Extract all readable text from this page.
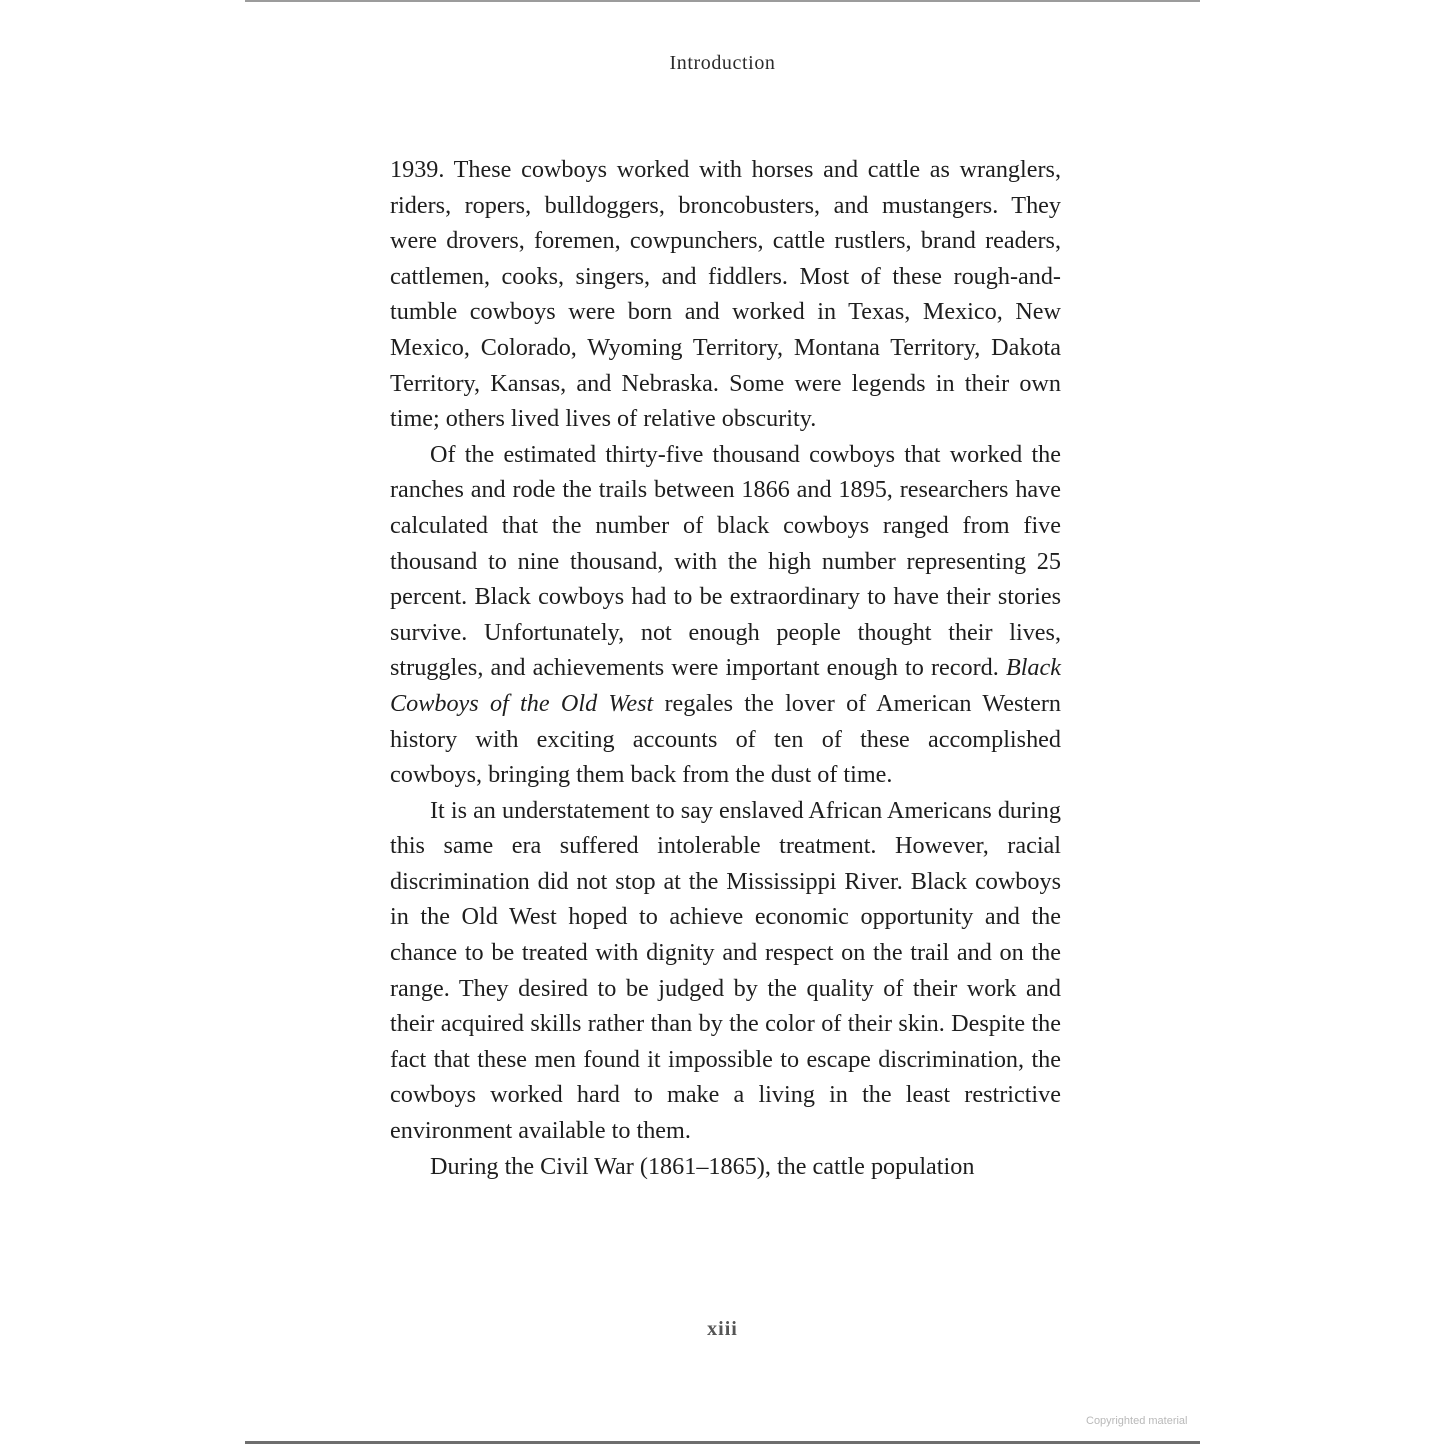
Introduction

1939. These cowboys worked with horses and cattle as wranglers, riders, ropers, bulldoggers, broncobusters, and mustangers. They were drovers, foremen, cowpunchers, cattle rustlers, brand readers, cattlemen, cooks, singers, and fiddlers. Most of these rough-and-tumble cowboys were born and worked in Texas, Mexico, New Mexico, Colorado, Wyoming Territory, Montana Territory, Dakota Territory, Kansas, and Nebraska. Some were legends in their own time; others lived lives of relative obscurity.

Of the estimated thirty-five thousand cowboys that worked the ranches and rode the trails between 1866 and 1895, researchers have calculated that the number of black cowboys ranged from five thousand to nine thousand, with the high number representing 25 percent. Black cowboys had to be extraordinary to have their stories survive. Unfortunately, not enough people thought their lives, struggles, and achievements were important enough to record. Black Cowboys of the Old West regales the lover of American Western history with exciting accounts of ten of these accomplished cowboys, bringing them back from the dust of time.

It is an understatement to say enslaved African Americans during this same era suffered intolerable treatment. However, racial discrimination did not stop at the Mississippi River. Black cowboys in the Old West hoped to achieve economic opportunity and the chance to be treated with dignity and respect on the trail and on the range. They desired to be judged by the quality of their work and their acquired skills rather than by the color of their skin. Despite the fact that these men found it impossible to escape discrimination, the cowboys worked hard to make a living in the least restrictive environment available to them.

During the Civil War (1861–1865), the cattle population

xiii
Copyrighted material
